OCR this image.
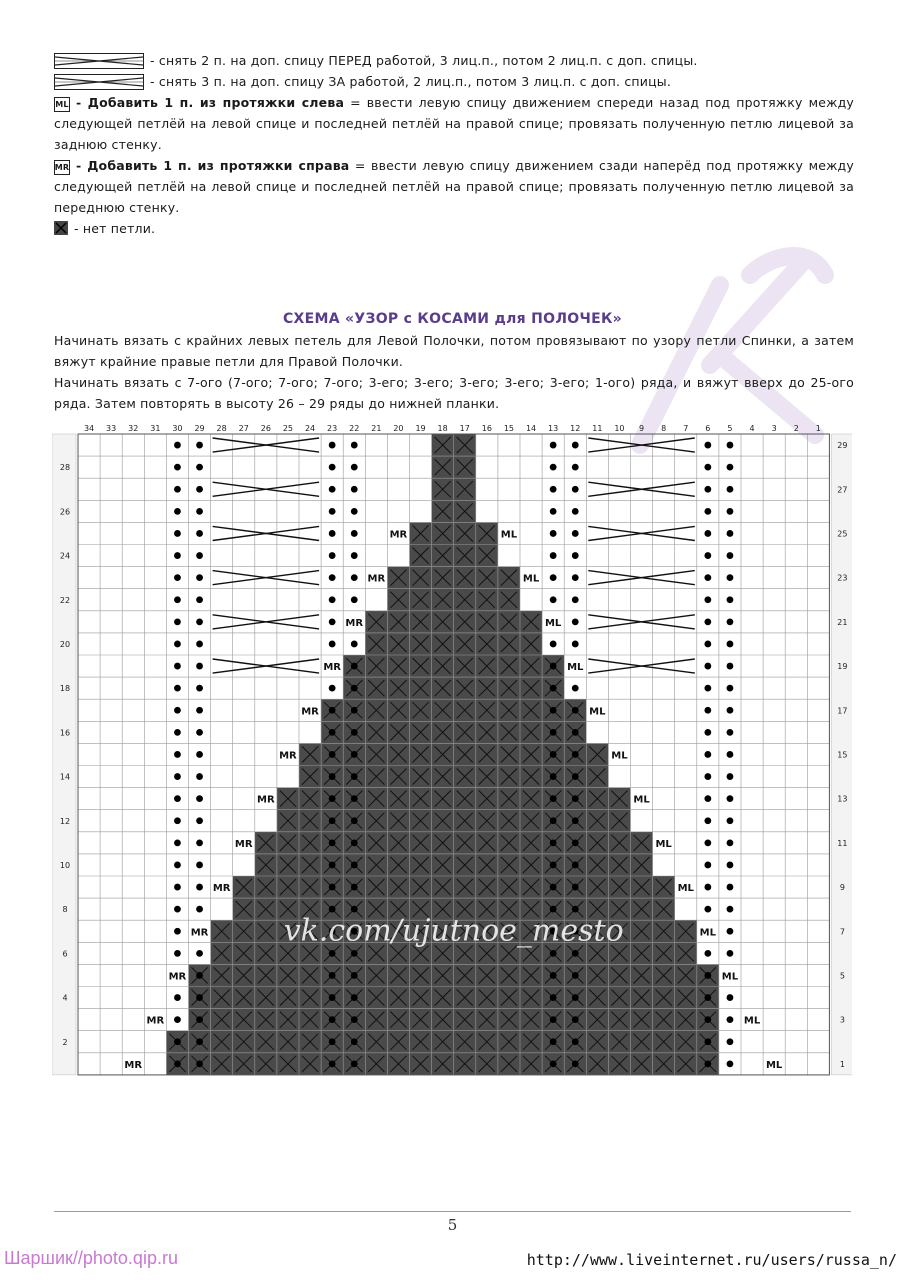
- снять 2 п. на доп. спицу ПЕРЕД работой, 3 лиц.п., потом 2 лиц.п. с доп. спицы.
- снять 3 п. на доп. спицу ЗА работой, 2 лиц.п., потом 3 лиц.п. с доп. спицы.
ML - Добавить 1 п. из протяжки слева = ввести левую спицу движением спереди назад под протяжку между следующей петлёй на левой спице и последней петлёй на правой спице; провязать полученную петлю лицевой за заднюю стенку.
MR - Добавить 1 п. из протяжки справа = ввести левую спицу движением сзади наперёд под протяжку между следующей петлёй на левой спице и последней петлёй на правой спице; провязать полученную петлю лицевой за переднюю стенку.
- нет петли.
СХЕМА «УЗОР с КОСАМИ для ПОЛОЧЕК»
Начинать вязать с крайних левых петель для Левой Полочки, потом провязывают по узору петли Спинки, а затем вяжут крайние правые петли для Правой Полочки.
Начинать вязать с 7-ого (7-ого; 7-ого; 7-ого; 3-его; 3-его; 3-его; 3-его; 3-его; 1-ого) ряда, и вяжут вверх до 25-ого ряда. Затем повторять в высоту 26 – 29 ряды до нижней планки.
34 33 32 31 30 29 28 27 26 25 24 23 22 21 20 19 18 17 16 15 14 13 12 11 10 9 8 7 6 5 4 3 2 1
1
2
3
4
5
6
7
8
9
10
11
12
13
14
15
16
17
18
19
20
21
22
23
24
25
26
27
28
29
MR
MR
MR
MR
MR
MR
MR
MR
MR
MR
MR
MR
MR
ML
ML
ML
ML
ML
ML
ML
ML
ML
ML
ML
ML
ML
vk.com/ujutnoe_mesto
5
Шаршик//photo.qip.ru	http://www.liveinternet.ru/users/russa_n/
